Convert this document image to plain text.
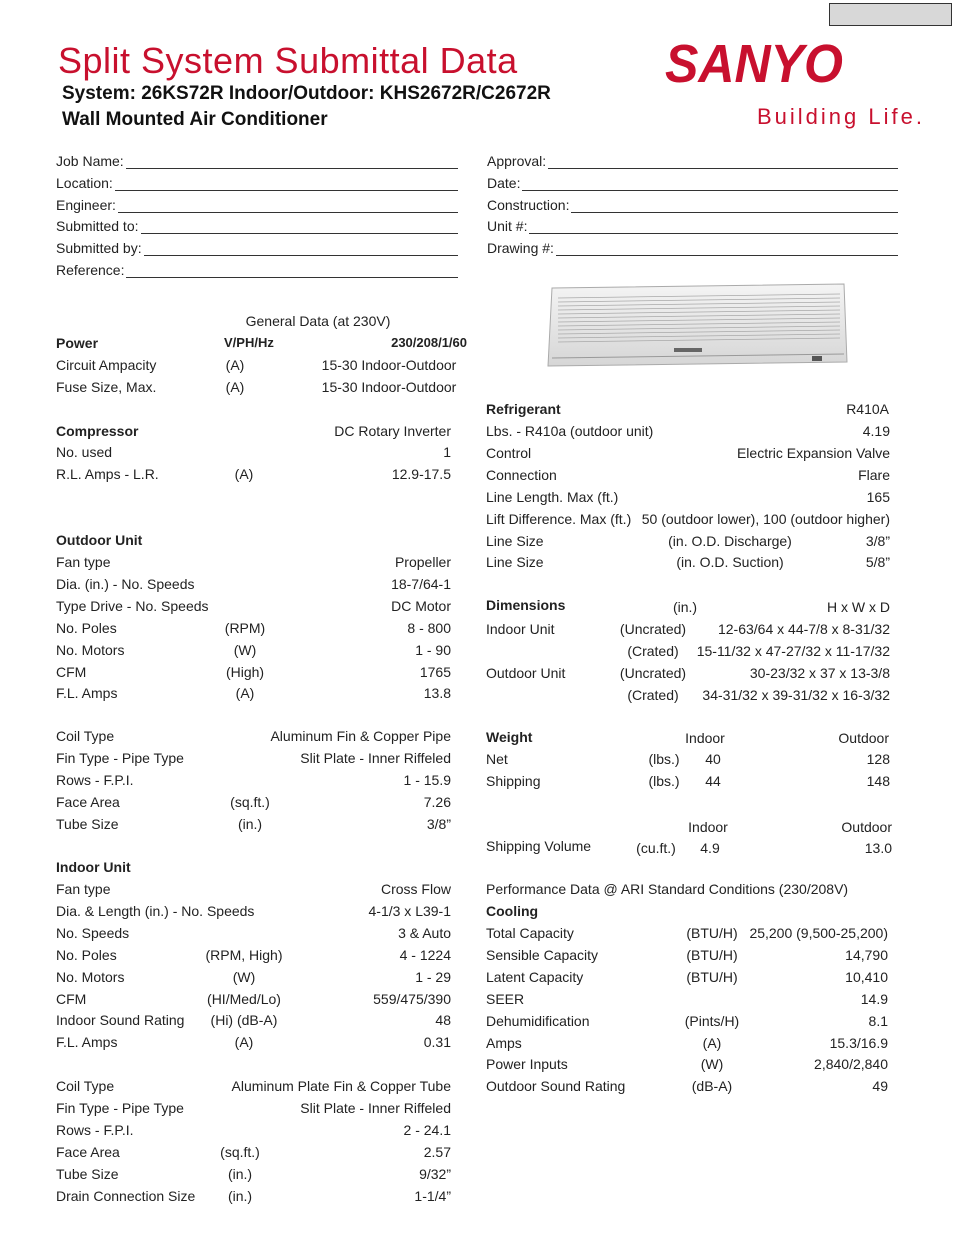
Split System Submittal Data
System: 26KS72R Indoor/Outdoor: KHS2672R/C2672R
Wall Mounted Air Conditioner
SANYO
Building Life.
Job Name:
Location:
Engineer:
Submitted to:
Submitted by:
Reference:
Approval:
Date:
Construction:
Unit #:
Drawing #:
General Data (at 230V)
Power	V/PH/Hz	230/208/1/60
Circuit Ampacity	(A)	15-30 Indoor-Outdoor
Fuse Size, Max.	(A)	15-30 Indoor-Outdoor
Compressor	DC Rotary Inverter
No. used	1
R.L. Amps - L.R.	(A)	12.9-17.5
Outdoor Unit
Fan type	Propeller
Dia. (in.) - No. Speeds	18-7/64-1
Type Drive - No. Speeds	DC Motor
No. Poles	(RPM)	8 - 800
No. Motors	(W)	1 - 90
CFM	(High)	1765
F.L. Amps	(A)	13.8
Coil Type	Aluminum Fin & Copper Pipe
Fin Type - Pipe Type	Slit Plate - Inner Riffeled
Rows - F.P.I.	1 - 15.9
Face Area	(sq.ft.)	7.26
Tube Size	(in.)	3/8”
Indoor Unit
Fan type	Cross Flow
Dia. & Length (in.) - No. Speeds	4-1/3 x L39-1
No. Speeds	3 & Auto
No. Poles	(RPM, High)	4 - 1224
No. Motors	(W)	1 - 29
CFM	(HI/Med/Lo)	559/475/390
Indoor Sound Rating	(Hi) (dB-A)	48
F.L. Amps	(A)	0.31
Coil Type	Aluminum Plate Fin & Copper Tube
Fin Type - Pipe Type	Slit Plate - Inner Riffeled
Rows - F.P.I.	2 - 24.1
Face Area	(sq.ft.)	2.57
Tube Size	(in.)	9/32”
Drain Connection Size	(in.)	1-1/4”
Refrigerant	R410A
Lbs. - R410a (outdoor unit)	4.19
Control	Electric Expansion Valve
Connection	Flare
Line Length. Max (ft.)	165
Lift Difference. Max (ft.) 50 (outdoor lower), 100 (outdoor higher)
Line Size	(in. O.D. Discharge)	3/8”
Line Size	(in. O.D. Suction)	5/8”
Dimensions	(in.)	H x W x D
Indoor Unit	(Uncrated)	12-63/64 x 44-7/8 x 8-31/32
(Crated)	15-11/32 x 47-27/32 x 11-17/32
Outdoor Unit	(Uncrated)	30-23/32 x 37 x 13-3/8
(Crated)	34-31/32 x 39-31/32 x 16-3/32
Weight	Indoor	Outdoor
Net	(lbs.)	40	128
Shipping	(lbs.)	44	148
Indoor	Outdoor
Shipping Volume	(cu.ft.)	4.9	13.0
Performance Data @ ARI Standard Conditions (230/208V)
Cooling
Total Capacity	(BTU/H) 25,200 (9,500-25,200)
Sensible Capacity	(BTU/H)	14,790
Latent Capacity	(BTU/H)	10,410
SEER	14.9
Dehumidification	(Pints/H)	8.1
Amps	(A)	15.3/16.9
Power Inputs	(W)	2,840/2,840
Outdoor Sound Rating	(dB-A)	49
